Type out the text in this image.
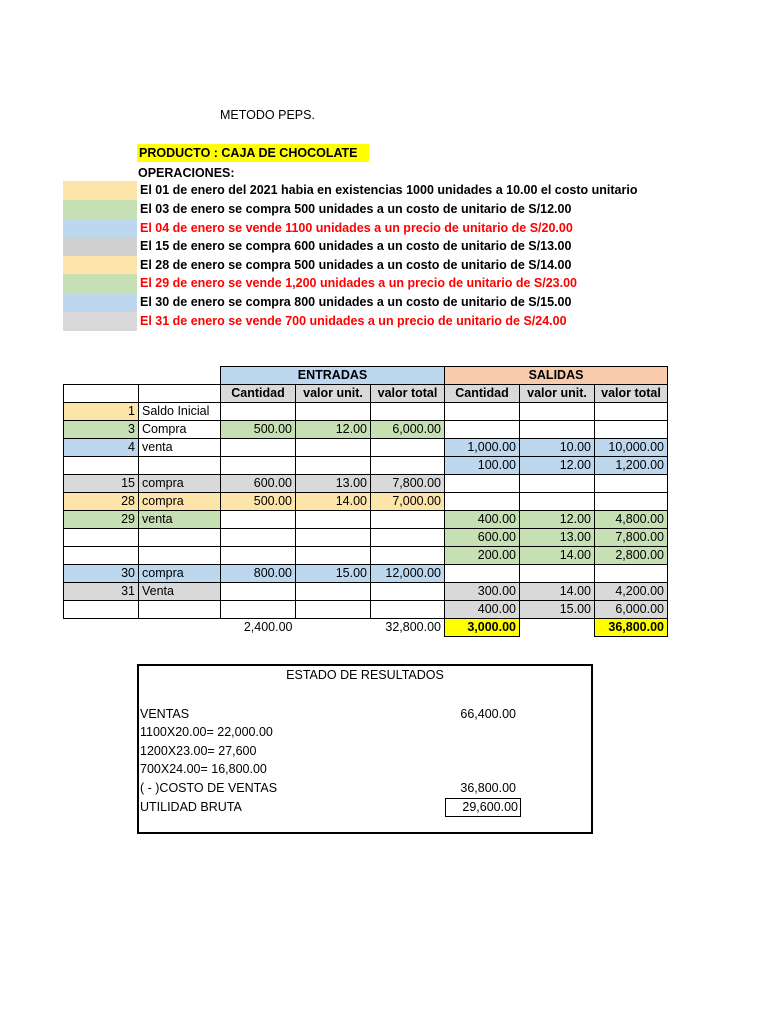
METODO PEPS.
PRODUCTO : CAJA DE CHOCOLATE
OPERACIONES:
El 01 de enero del 2021 habia en existencias 1000 unidades a 10.00 el costo unitario
El 03 de enero se compra 500 unidades a un costo de unitario de S/12.00
El 04 de enero se vende 1100 unidades a un precio de unitario de S/20.00
El 15 de enero se compra 600 unidades a un costo de unitario de S/13.00
El 28 de enero se compra 500 unidades a un costo de unitario de S/14.00
El 29 de enero se vende 1,200 unidades a un precio de unitario de S/23.00
El 30 de enero se compra 800 unidades a un costo de unitario de S/15.00
El 31 de enero se vende 700 unidades a un precio de unitario de S/24.00
		ENTRADAS			SALIDAS		
		Cantidad	valor unit.	valor total	Cantidad	valor unit.	valor total
1	Saldo Inicial						
3	Compra	500.00	12.00	6,000.00			
4	venta				1,000.00	10.00	10,000.00
					100.00	12.00	1,200.00
15	compra	600.00	13.00	7,800.00			
28	compra	500.00	14.00	7,000.00			
29	venta				400.00	12.00	4,800.00
					600.00	13.00	7,800.00
					200.00	14.00	2,800.00
30	compra	800.00	15.00	12,000.00			
31	Venta				300.00	14.00	4,200.00
					400.00	15.00	6,000.00
		2,400.00		32,800.00	3,000.00		36,800.00
ESTADO DE RESULTADOS
VENTAS	66,400.00
1100X20.00= 22,000.00
1200X23.00= 27,600
700X24.00= 16,800.00
( - )COSTO DE VENTAS	36,800.00
UTILIDAD BRUTA	29,600.00
